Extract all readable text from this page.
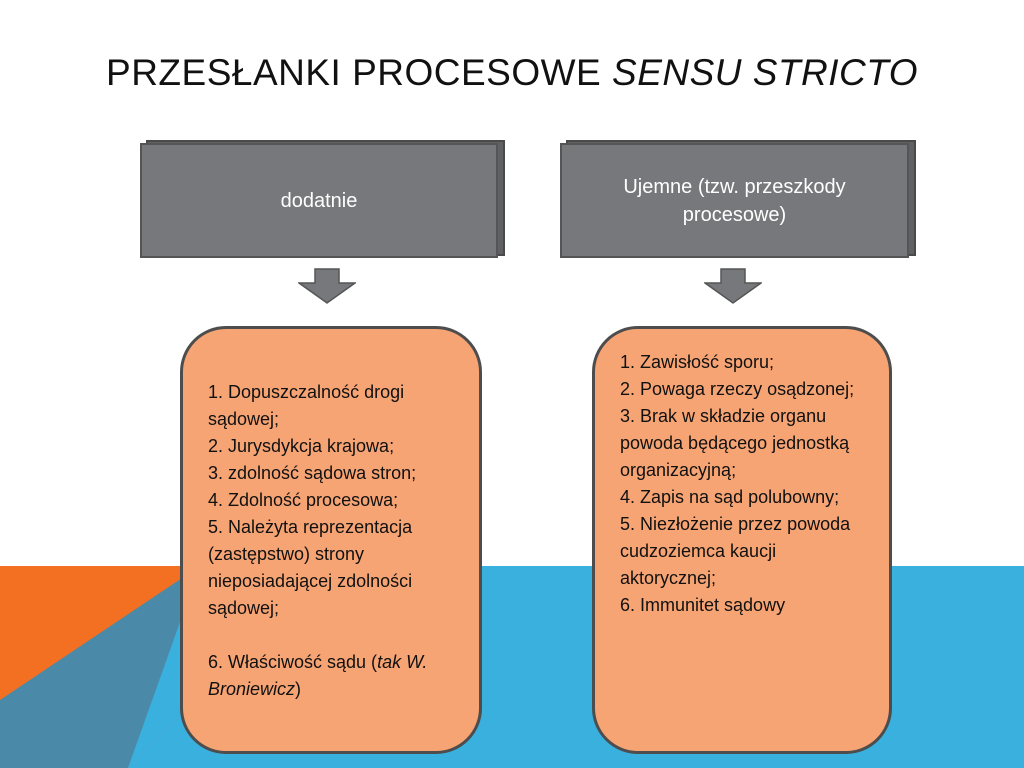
PRZESŁANKI PROCESOWE SENSU STRICTO
dodatnie
Ujemne (tzw. przeszkody procesowe)
1. Dopuszczalność drogi sądowej;
2. Jurysdykcja krajowa;
3. zdolność sądowa stron;
4. Zdolność procesowa;
5. Należyta reprezentacja (zastępstwo) strony nieposiadającej zdolności sądowej;
6. Właściwość sądu (tak W. Broniewicz)
1. Zawisłość sporu;
2. Powaga rzeczy osądzonej;
3. Brak w składzie organu powoda będącego jednostką organizacyjną;
4. Zapis na sąd polubowny;
5. Niezłożenie przez powoda cudzoziemca kaucji aktorycznej;
6. Immunitet sądowy
